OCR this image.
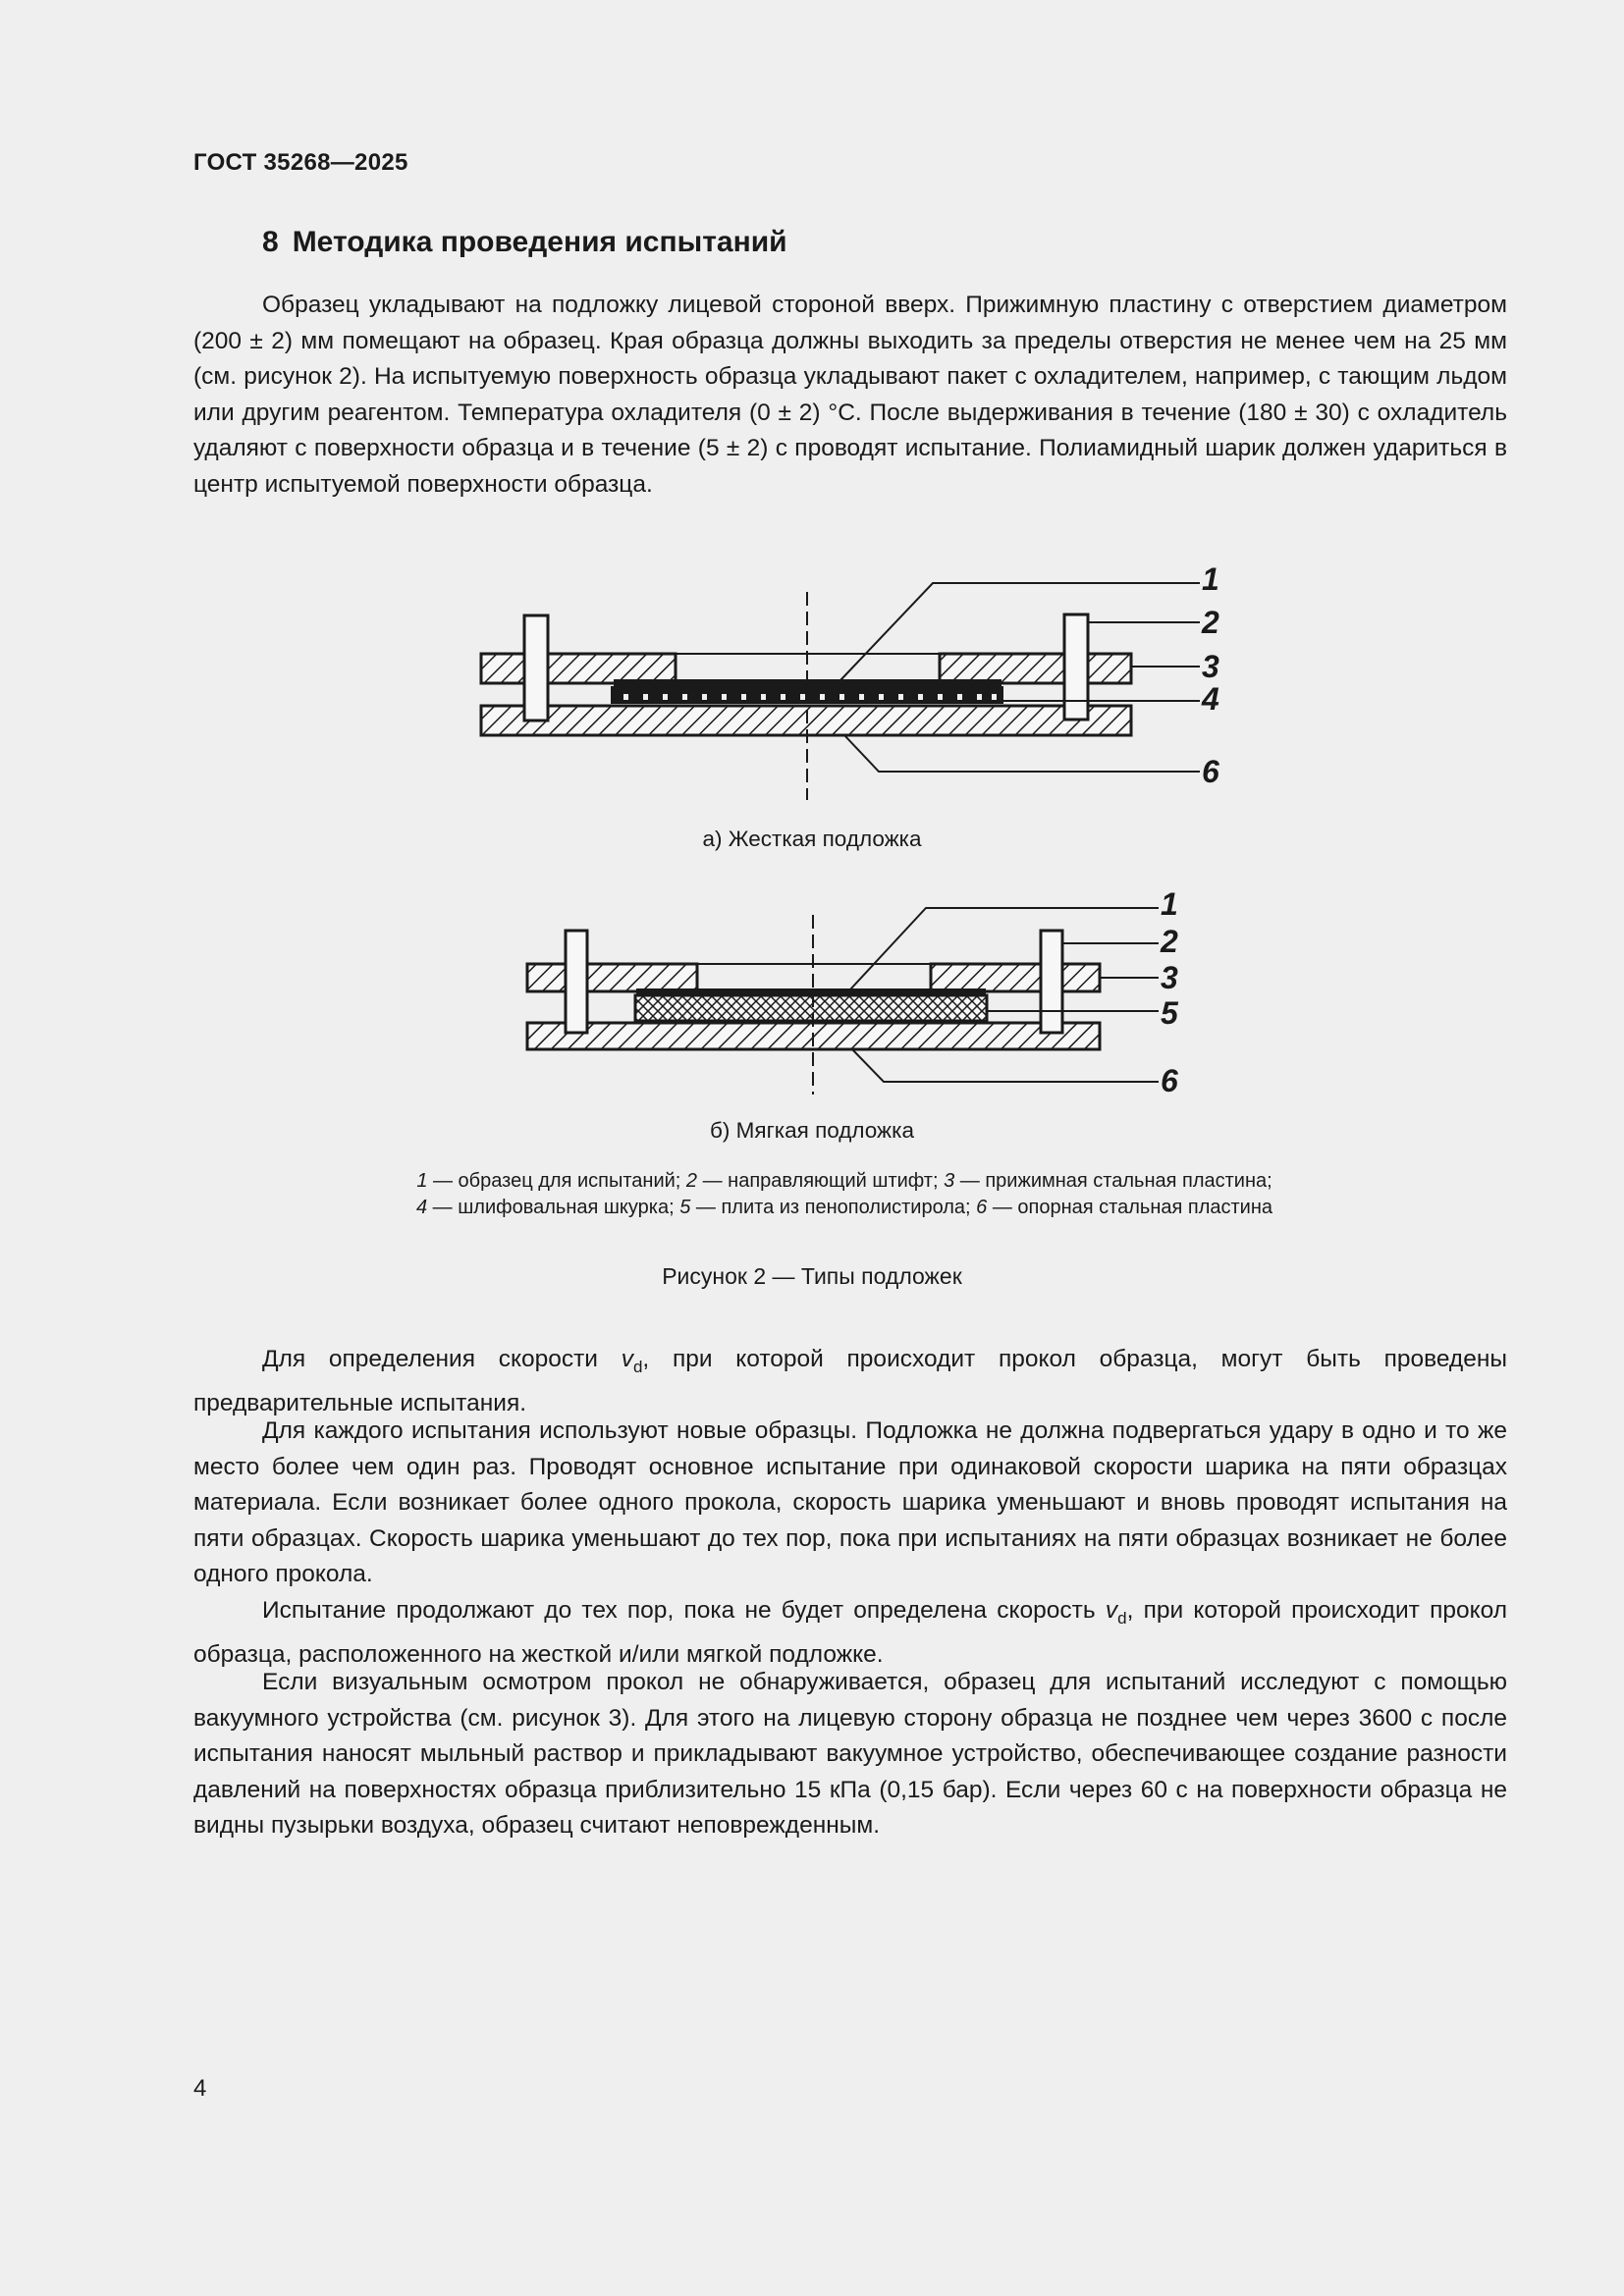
ГОСТ 35268—2025
8 Методика проведения испытаний

Образец укладывают на подложку лицевой стороной вверх. Прижимную пластину с отверстием диаметром (200 ± 2) мм помещают на образец. Края образца должны выходить за пределы отверстия не менее чем на 25 мм (см. рисунок 2). На испытуемую поверхность образца укладывают пакет с охладителем, например, с тающим льдом или другим реагентом. Температура охладителя (0 ± 2) °С. После выдерживания в течение (180 ± 30) с охладитель удаляют с поверхности образца и в течение (5 ± 2) с проводят испытание. Полиамидный шарик должен удариться в центр испытуемой поверхности образца.

1
2
3
4
6
1
2
3
5
6
а) Жесткая подложка
б) Мягкая подложка
1 — образец для испытаний; 2 — направляющий штифт; 3 — прижимная стальная пластина; 4 — шлифовальная шкурка; 5 — плита из пенополистирола; 6 — опорная стальная пластина
Рисунок 2 — Типы подложек

Для определения скорости $v_d$, при которой происходит прокол образца, могут быть проведены предварительные испытания.

Для каждого испытания используют новые образцы. Подложка не должна подвергаться удару в одно и то же место более чем один раз. Проводят основное испытание при одинаковой скорости шарика на пяти образцах материала. Если возникает более одного прокола, скорость шарика уменьшают и вновь проводят испытания на пяти образцах. Скорость шарика уменьшают до тех пор, пока при испытаниях на пяти образцах возникает не более одного прокола.

Испытание продолжают до тех пор, пока не будет определена скорость $v_d$, при которой происходит прокол образца, расположенного на жесткой и/или мягкой подложке.

Если визуальным осмотром прокол не обнаруживается, образец для испытаний исследуют с помощью вакуумного устройства (см. рисунок 3). Для этого на лицевую сторону образца не позднее чем через 3600 с после испытания наносят мыльный раствор и прикладывают вакуумное устройство, обеспечивающее создание разности давлений на поверхностях образца приблизительно 15 кПа (0,15 бар). Если через 60 с на поверхности образца не видны пузырьки воздуха, образец считают неповрежденным.

4
